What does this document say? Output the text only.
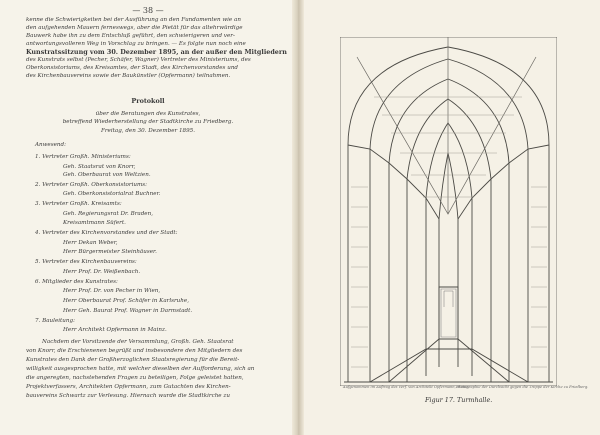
— 38 —
kenne die Schwierigkeiten bei der Ausführung an den Fundamenten wie an
den aufgehenden Mauern ferneswegs, aber die Pietät für das altehrwürdige
Bauwerk habe ihn zu dem Entschluß geführt, den schwierigeren und ver-
antwortungsvolleren Weg in Vorschlag zu bringen. — Es folgte nun noch eine
Kunstratssitzung vom 30. Dezember 1895, an der außer den Mitgliedern
des Kunstrats selbst (Pecher, Schäfer, Wagner) Vertreter des Ministeriums, des
Oberkonsistoriums, des Kreisamtes, der Stadt, des Kirchenvorstandes und
des Kirchenbauvereins sowie der Baukünstler (Opfermann) teilnahmen.
Protokoll
über die Beratungen des Kunstrates,
betreffend Wiederherstellung der Stadtkirche zu Friedberg.
Freitag, den 30. Dezember 1895.
Anwesend:
1. Vertreter Großh. Ministeriums:
Geh. Staatsrat von Knorr,
Geh. Oberbaurat von Weltzien.
2. Vertreter Großh. Oberkonsistoriums:
Geh. Oberkonsistorialrat Buchner.
3. Vertreter Großh. Kreisamts:
Geh. Regierungsrat Dr. Braden,
Kreisamtmann Süfert.
4. Vertreter des Kirchenvorstandes und der Stadt:
Herr Dekan Weber,
Herr Bürgermeister Steinhäuser.
5. Vertreter des Kirchenbauvereins:
Herr Prof. Dr. Weißenbach.
6. Mitglieder des Kunstrates:
Herr Prof. Dr. von Pecher in Wien,
Herr Oberbaurat Prof. Schäfer in Karlsruhe,
Herr Geh. Baurat Prof. Wagner in Darmstadt.
7. Bauleitung:
Herr Architekt Opfermann in Mainz.
Nachdem der Vorsitzende der Versammlung, Großh. Geh. Staatsrat
von Knorr, die Erschienenen begrüßt und insbesondere den Mitgliedern des
Kunstrates den Dank der Großherzoglichen Staatsregierung für die Bereit-
willigkeit ausgesprochen hatte, mit welcher dieselben der Aufforderung, sich an
die angeregten, nachstehenden Fragen zu beteiligen, Folge geleistet hatten,
Projektverfassers, Architekten Opfermann, zum Gutachten des Kirchen-
bauvereins Schwartz zur Verlesung. Hiernach wurde die Stadtkirche zu
Aufgenommen im Auftrag des Verf. von Architekt Opfermann, Mainz.
Photographie der Durchsicht gegen die Treppe der Kirche zu Friedberg.
Figur 17. Turmhalle.
